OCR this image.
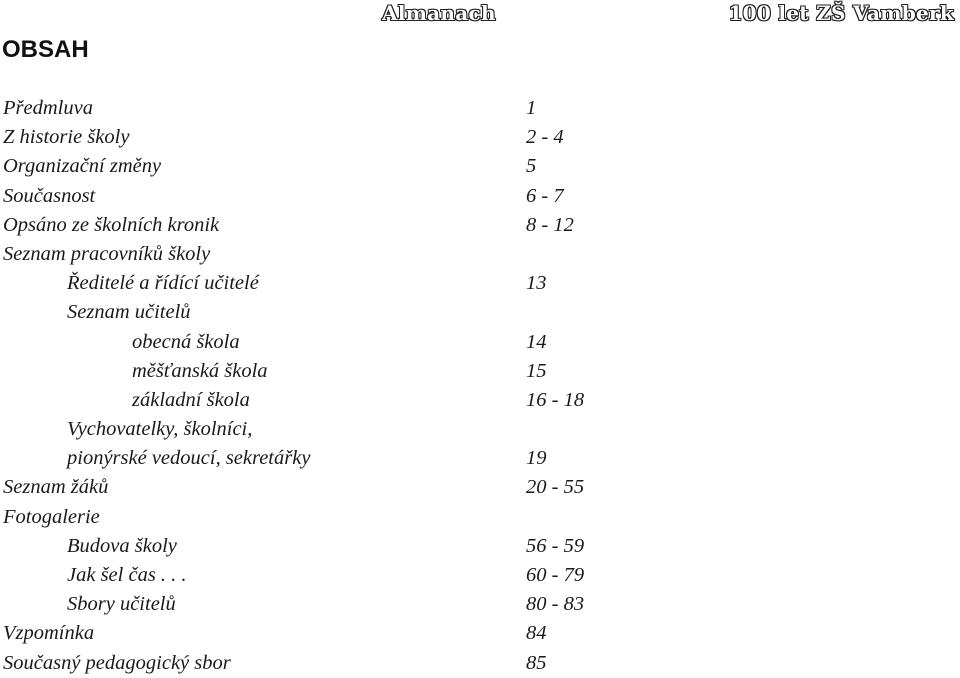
Almanach	100 let ZŠ Vamberk
OBSAH
Předmluva	1
Z historie školy	2 - 4
Organizační změny	5
Současnost	6 - 7
Opsáno ze školních kronik	8 - 12
Seznam pracovníků školy
Ředitelé a řídící učitelé	13
Seznam učitelů
obecná škola	14
měšťanská škola	15
základní škola	16 - 18
Vychovatelky, školníci,
pionýrské vedoucí, sekretářky	19
Seznam žáků	20 - 55
Fotogalerie
Budova školy	56 - 59
Jak šel čas . . .	60 - 79
Sbory učitelů	80 - 83
Vzpomínka	84
Současný pedagogický sbor	85
